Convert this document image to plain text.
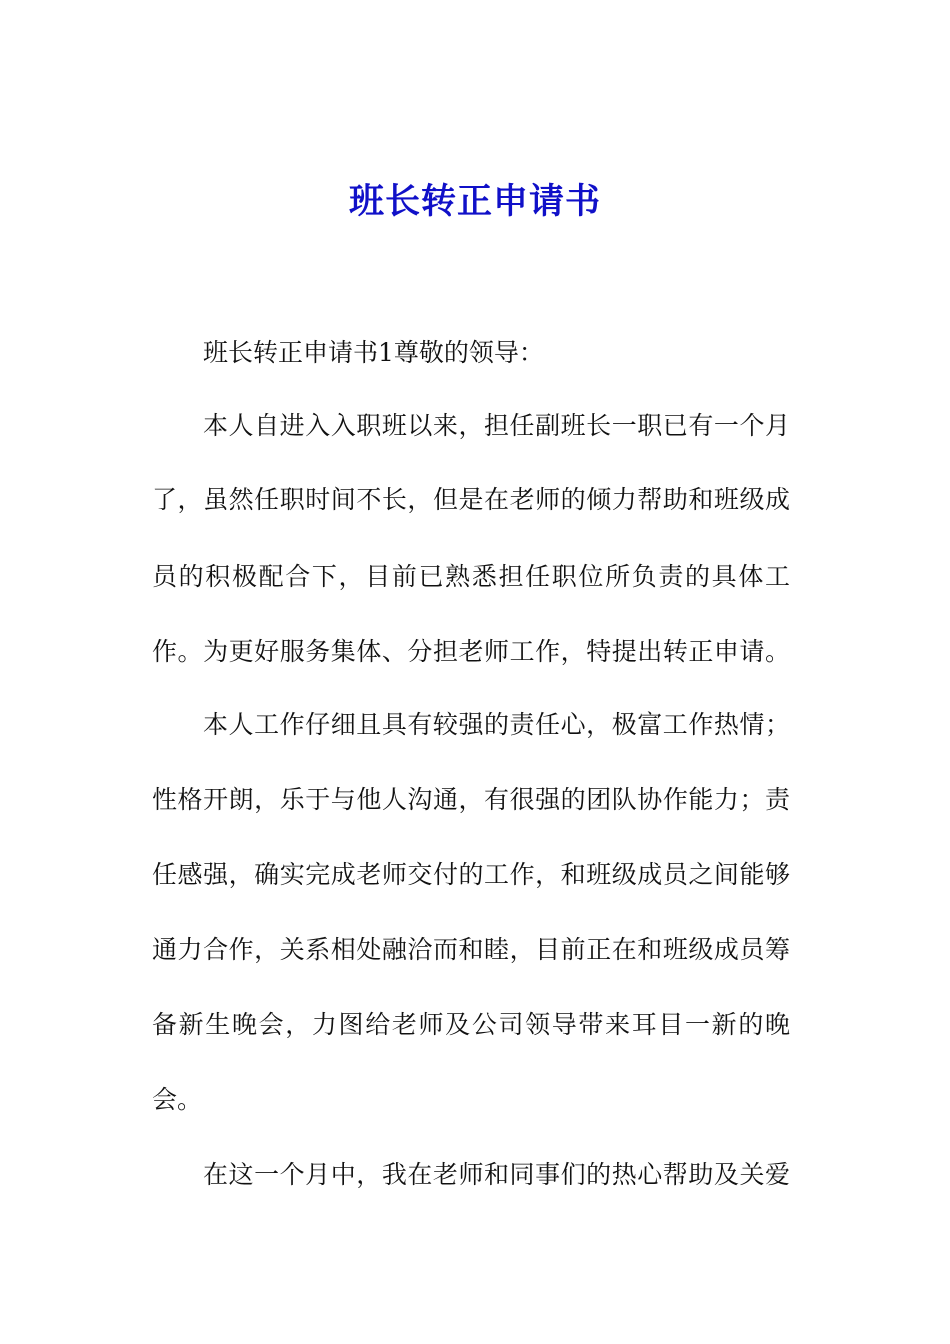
班长转正申请书
班长转正申请书1尊敬的领导：
本人自进入入职班以来，担任副班长一职已有一个月
了，虽然任职时间不长，但是在老师的倾力帮助和班级成
员的积极配合下，目前已熟悉担任职位所负责的具体工
作。为更好服务集体、分担老师工作，特提出转正申请。
本人工作仔细且具有较强的责任心，极富工作热情；
性格开朗，乐于与他人沟通，有很强的团队协作能力；责
任感强，确实完成老师交付的工作，和班级成员之间能够
通力合作，关系相处融洽而和睦，目前正在和班级成员筹
备新生晚会，力图给老师及公司领导带来耳目一新的晚
会。
在这一个月中，我在老师和同事们的热心帮助及关爱
